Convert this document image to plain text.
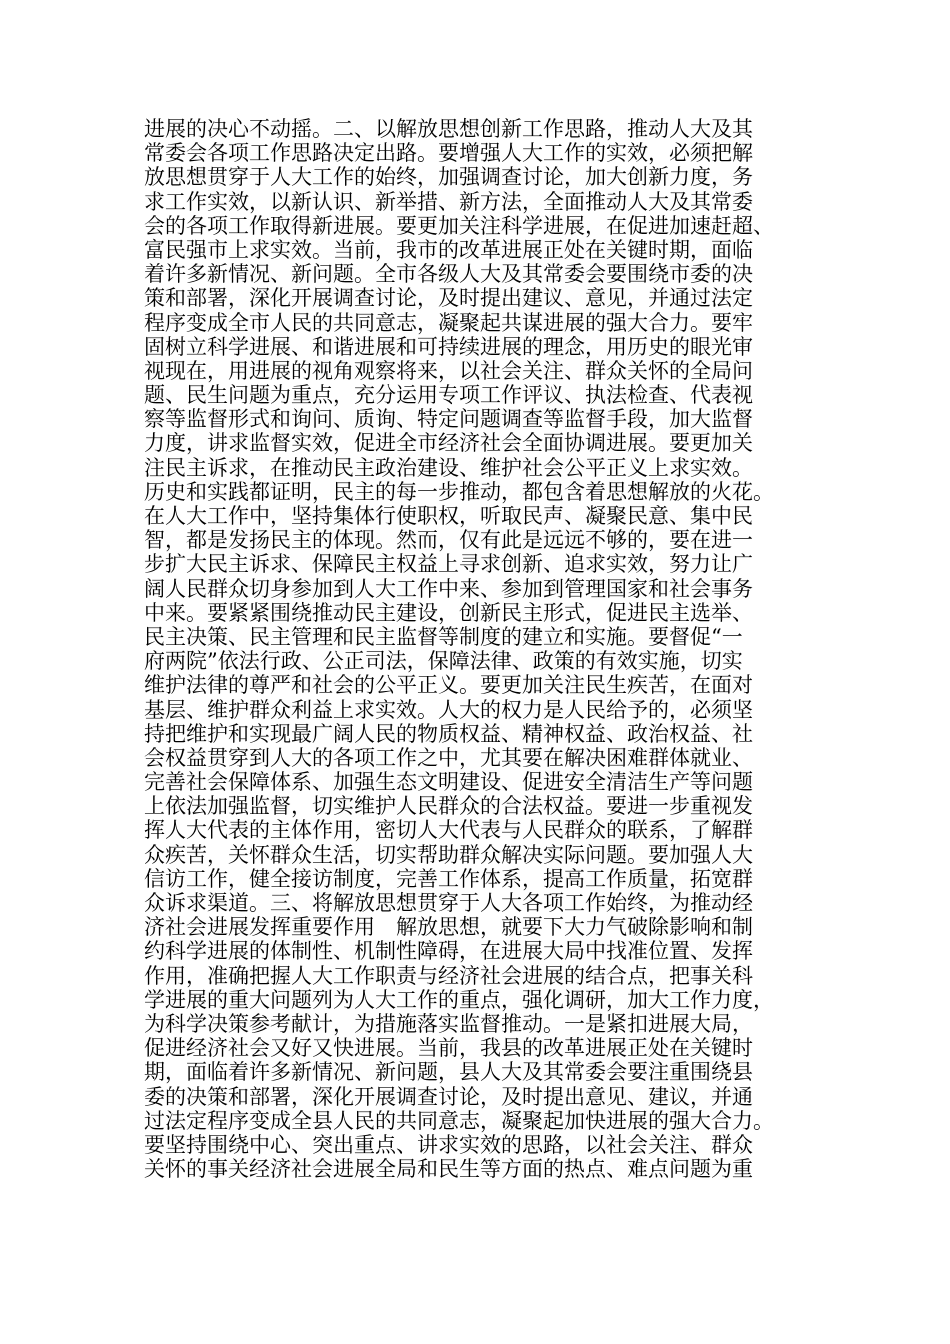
进展的决心不动摇。二、以解放思想创新工作思路，推动人大及其
常委会各项工作思路决定出路。要增强人大工作的实效，必须把解
放思想贯穿于人大工作的始终，加强调查讨论，加大创新力度，务
求工作实效，以新认识、新举措、新方法，全面推动人大及其常委
会的各项工作取得新进展。要更加关注科学进展，在促进加速赶超、
富民强市上求实效。当前，我市的改革进展正处在关键时期，面临
着许多新情况、新问题。全市各级人大及其常委会要围绕市委的决
策和部署，深化开展调查讨论，及时提出建议、意见，并通过法定
程序变成全市人民的共同意志，凝聚起共谋进展的强大合力。要牢
固树立科学进展、和谐进展和可持续进展的理念，用历史的眼光审
视现在，用进展的视角观察将来，以社会关注、群众关怀的全局问
题、民生问题为重点，充分运用专项工作评议、执法检查、代表视
察等监督形式和询问、质询、特定问题调查等监督手段，加大监督
力度，讲求监督实效，促进全市经济社会全面协调进展。要更加关
注民主诉求，在推动民主政治建设、维护社会公平正义上求实效。
历史和实践都证明，民主的每一步推动，都包含着思想解放的火花。
在人大工作中，坚持集体行使职权，听取民声、凝聚民意、集中民
智，都是发扬民主的体现。然而，仅有此是远远不够的，要在进一
步扩大民主诉求、保障民主权益上寻求创新、追求实效，努力让广
阔人民群众切身参加到人大工作中来、参加到管理国家和社会事务
中来。要紧紧围绕推动民主建设，创新民主形式，促进民主选举、
民主决策、民主管理和民主监督等制度的建立和实施。要督促“一
府两院”依法行政、公正司法，保障法律、政策的有效实施，切实
维护法律的尊严和社会的公平正义。要更加关注民生疾苦，在面对
基层、维护群众利益上求实效。人大的权力是人民给予的，必须坚
持把维护和实现最广阔人民的物质权益、精神权益、政治权益、社
会权益贯穿到人大的各项工作之中，尤其要在解决困难群体就业、
完善社会保障体系、加强生态文明建设、促进安全清洁生产等问题
上依法加强监督，切实维护人民群众的合法权益。要进一步重视发
挥人大代表的主体作用，密切人大代表与人民群众的联系，了解群
众疾苦，关怀群众生活，切实帮助群众解决实际问题。要加强人大
信访工作，健全接访制度，完善工作体系，提高工作质量，拓宽群
众诉求渠道。三、将解放思想贯穿于人大各项工作始终，为推动经
济社会进展发挥重要作用　解放思想，就要下大力气破除影响和制
约科学进展的体制性、机制性障碍，在进展大局中找准位置、发挥
作用，准确把握人大工作职责与经济社会进展的结合点，把事关科
学进展的重大问题列为人大工作的重点，强化调研，加大工作力度，
为科学决策参考献计，为措施落实监督推动。一是紧扣进展大局，
促进经济社会又好又快进展。当前，我县的改革进展正处在关键时
期，面临着许多新情况、新问题，县人大及其常委会要注重围绕县
委的决策和部署，深化开展调查讨论，及时提出意见、建议，并通
过法定程序变成全县人民的共同意志，凝聚起加快进展的强大合力。
要坚持围绕中心、突出重点、讲求实效的思路，以社会关注、群众
关怀的事关经济社会进展全局和民生等方面的热点、难点问题为重
